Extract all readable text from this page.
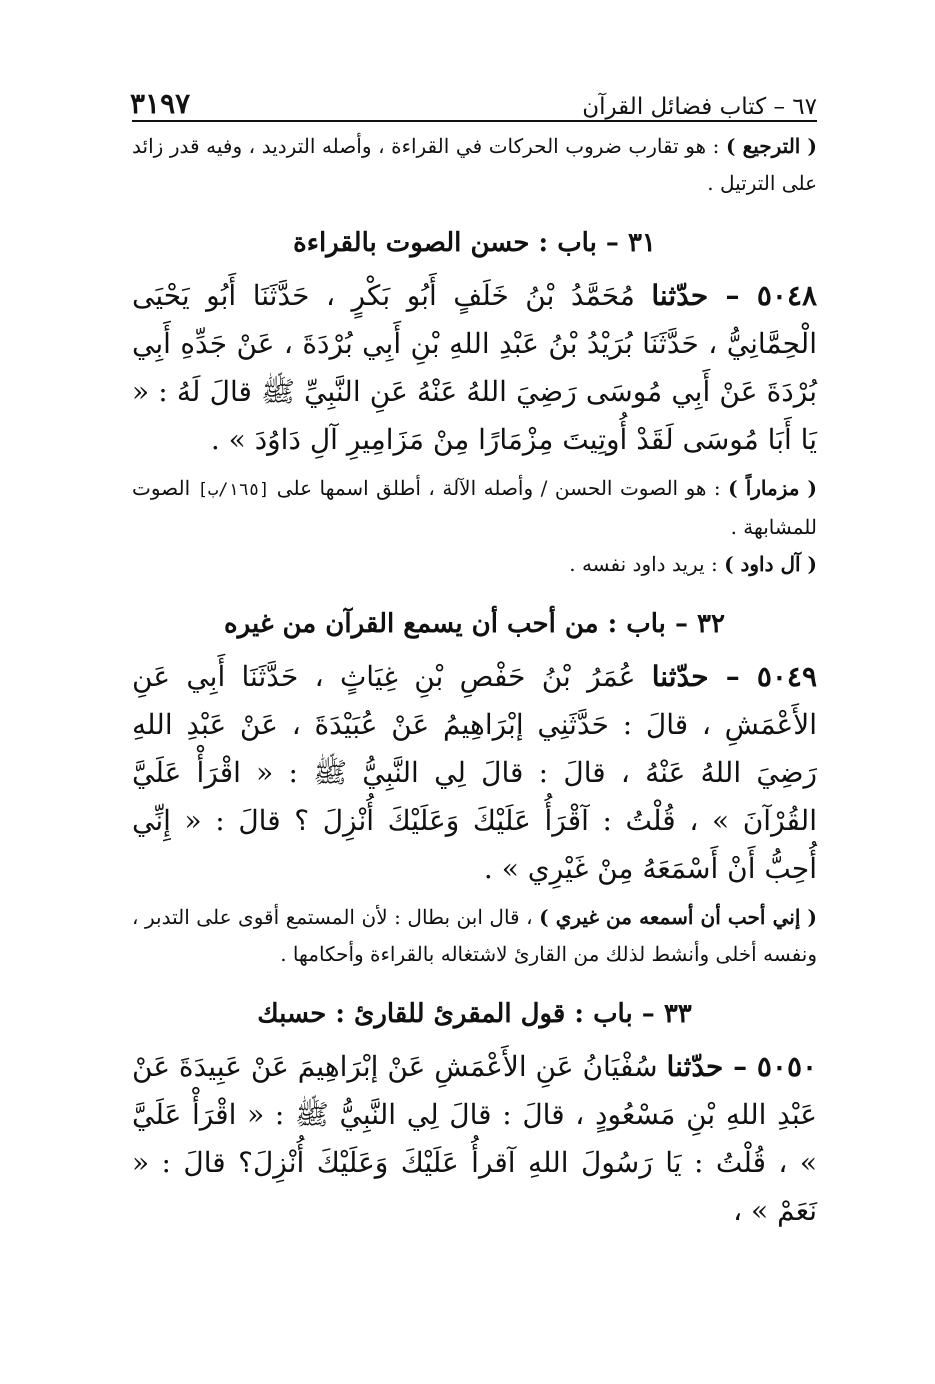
٦٧ – كتاب فضائل القرآن
٣١٩٧

( الترجيع ) : هو تقارب ضروب الحركات في القراءة ، وأصله الترديد ، وفيه قدر زائد على الترتيل .

٣١ – باب : حسن الصوت بالقراءة

٥٠٤٨ – حدّثنا مُحَمَّدُ بْنُ خَلَفٍ أَبُو بَكْرٍ ، حَدَّثَنَا أَبُو يَحْيَى الْحِمَّانِيُّ ، حَدَّثَنَا بُرَيْدُ بْنُ عَبْدِ اللهِ بْنِ أَبِي بُرْدَةَ ، عَنْ جَدِّهِ أَبِي بُرْدَةَ عَنْ أَبِي مُوسَى رَضِيَ اللهُ عَنْهُ عَنِ النَّبِيِّ ﷺ قالَ لَهُ : « يَا أَبَا مُوسَى لَقَدْ أُوتِيتَ مِزْمَارًا مِنْ مَزَامِيرِ آلِ دَاوُدَ » .

( مزماراً ) : هو الصوت الحسن / وأصله الآلة ، أطلق اسمها على [١٦٥/ب] الصوت للمشابهة .

( آل داود ) : يريد داود نفسه .

٣٢ – باب : من أحب أن يسمع القرآن من غيره

٥٠٤٩ – حدّثنا عُمَرُ بْنُ حَفْصِ بْنِ غِيَاثٍ ، حَدَّثَنَا أَبِي عَنِ الأَعْمَشِ ، قالَ : حَدَّثَنِي إبْرَاهِيمُ عَنْ عُبَيْدَةَ ، عَنْ عَبْدِ اللهِ رَضِيَ اللهُ عَنْهُ ، قالَ : قالَ لِي النَّبِيُّ ﷺ : « اقْرَأْ عَلَيَّ القُرْآنَ » ، قُلْتُ : آقْرَأُ عَلَيْكَ وَعَلَيْكَ أُنْزِلَ ؟ قالَ : « إِنِّي أُحِبُّ أَنْ أَسْمَعَهُ مِنْ غَيْرِي » .

( إني أحب أن أسمعه من غيري ) ، قال ابن بطال : لأن المستمع أقوى على التدبر ، ونفسه أخلى وأنشط لذلك من القارئ لاشتغاله بالقراءة وأحكامها .

٣٣ – باب : قول المقرئ للقارئ : حسبك

٥٠٥٠ – حدّثنا سُفْيَانُ عَنِ الأَعْمَشِ عَنْ إبْرَاهِيمَ عَنْ عَبِيدَةَ عَنْ عَبْدِ اللهِ بْنِ مَسْعُودٍ ، قالَ : قالَ لِي النَّبِيُّ ﷺ : « اقْرَأْ عَلَيَّ » ، قُلْتُ : يَا رَسُولَ اللهِ آقرأُ عَلَيْكَ وَعَلَيْكَ أُنْزِلَ؟ قالَ : « نَعَمْ » ،
